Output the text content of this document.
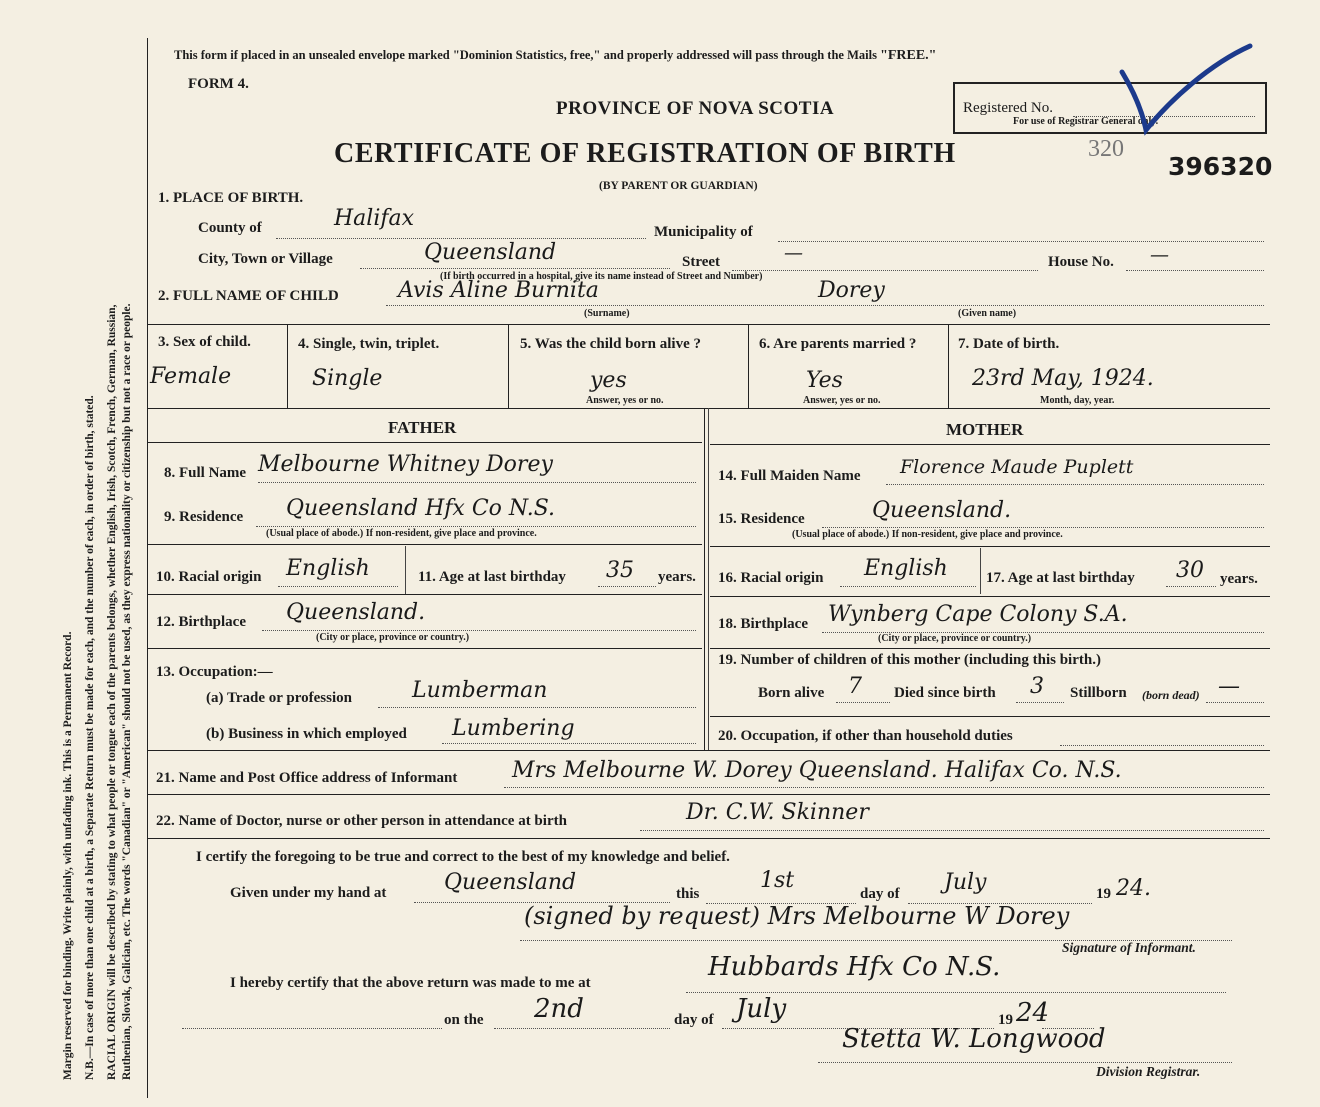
Margin reserved for binding. Write plainly, with unfading ink. This is a Permanent Record. N.B.—In case of more than one child at a birth, a Separate Return must be made for each, and the number of each, in order of birth, stated. RACIAL ORIGIN will be described by stating to what people or tongue each of the parents belongs, whether English, Irish, Scotch, French, German, Russian, Ruthenian, Slovak, Galician, etc. The words "Canadian" or "American" should not be used, as they express nationality or citizenship but not a race or people.
This form if placed in an unsealed envelope marked "Dominion Statistics, free," and properly addressed will pass through the Mails "FREE."
FORM 4.
PROVINCE OF NOVA SCOTIA
CERTIFICATE OF REGISTRATION OF BIRTH	320
(BY PARENT OR GUARDIAN)
Registered No.
For use of Registrar General only.
396320
1. PLACE OF BIRTH.
County of	Halifax
Municipality of
City, Town or Village	Queensland	Street	—	House No. —
(If birth occurred in a hospital, give its name instead of Street and Number)
2. FULL NAME OF CHILD	Avis Aline Burnita	Dorey
(Surname)	(Given name)
3. Sex of child.
Female
4. Single, twin, triplet.
Single
5. Was the child born alive ?
yes
Answer, yes or no.
6. Are parents married ?
Yes
Answer, yes or no.
7. Date of birth.
23rd May, 1924.
Month, day, year.
FATHER	MOTHER
8. Full Name Melbourne Whitney Dorey	14. Full Maiden Name Florence Maude Puplett
9. Residence Queensland Hfx Co N.S.
(Usual place of abode.) If non-resident, give place and province.
15. Residence	Queensland.
(Usual place of abode.) If non-resident, give place and province.
10. Racial origin English	11. Age at last birthday 35 years. 16. Racial origin English	17. Age at last birthday 30 years.
12. Birthplace Queensland.
(City or place, province or country.)
18. Birthplace Wynberg Cape Colony S.A.
(City or place, province or country.)
13. Occupation:—
(a) Trade or profession	Lumberman
(b) Business in which employed Lumbering
19. Number of children of this mother (including this birth.)
Born alive 7 Died since birth 3 Stillborn (born dead) —
20. Occupation, if other than household duties
21. Name and Post Office address of Informant Mrs Melbourne W. Dorey Queensland. Halifax Co. N.S.
22. Name of Doctor, nurse or other person in attendance at birth	Dr. C.W. Skinner
I certify the foregoing to be true and correct to the best of my knowledge and belief.
Given under my hand at	Queensland	this
1st
day of July	19 24.
(signed by request) Mrs Melbourne W Dorey
Signature of Informant.
I hereby certify that the above return was made to me at
Hubbards Hfx Co N.S.
on the 2nd	day of July	19 24
Stetta W. Longwood
Division Registrar.
